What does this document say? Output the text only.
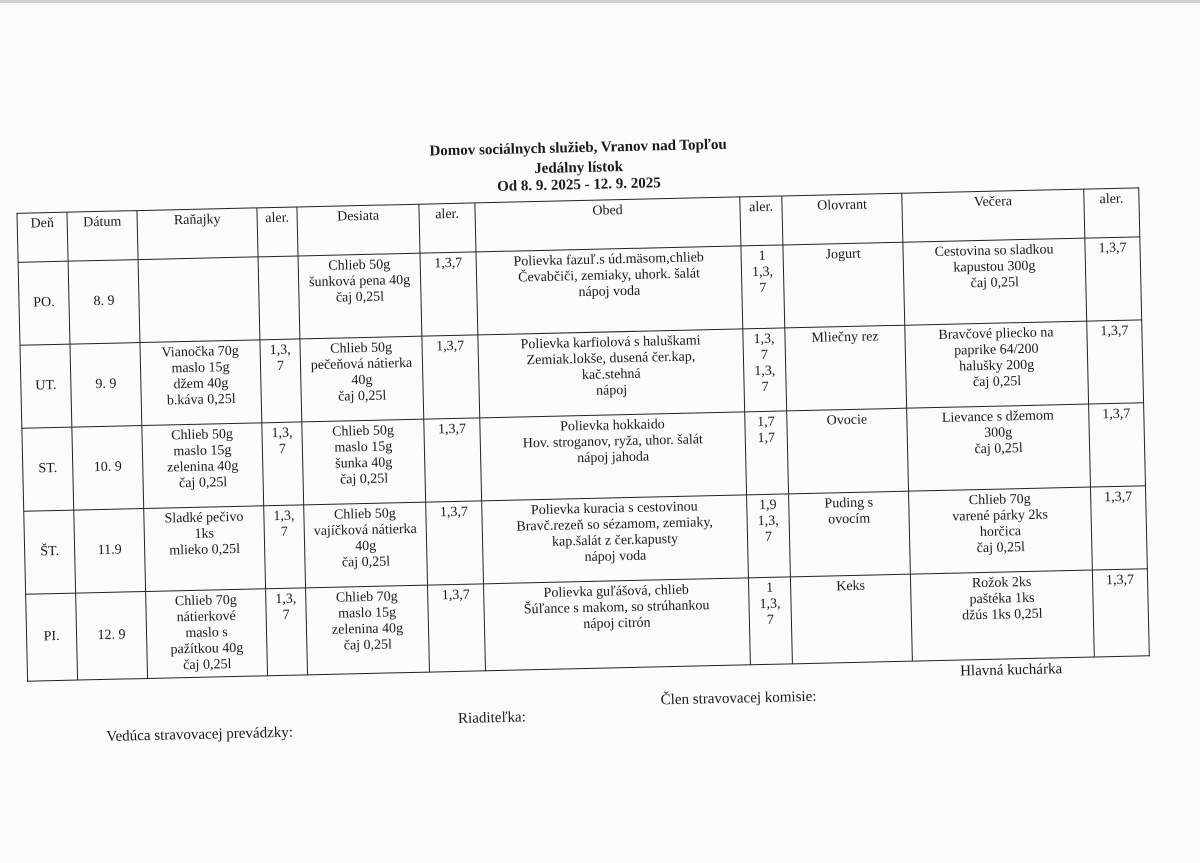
Domov sociálnych služieb, Vranov nad Topľou
Jedálny lístok
Od 8. 9. 2025 - 12. 9. 2025
Deň	Dátum	Raňajky	aler.	Desiata	aler.	Obed	aler.	Olovrant	Večera	aler.
PO.	8. 9			Chlieb 50g
šunková pena 40g
čaj 0,25l	1,3,7	Polievka fazuľ.s úd.mäsom,chlieb
Čevabčiči, zemiaky, uhork. šalát
nápoj voda	1
1,3,
7	Jogurt	Cestovina so sladkou
kapustou 300g
čaj 0,25l	1,3,7

UT.	9. 9	Vianočka 70g
maslo 15g
džem 40g
b.káva 0,25l	1,3,
7	Chlieb 50g
pečeňová nátierka
40g
čaj 0,25l	1,3,7	Polievka karfiolová s haluškami
Zemiak.lokše, dusená čer.kap,
kač.stehná
nápoj	1,3,
7
1,3,
7	Mliečny rez	Bravčové pliecko na
paprike 64/200
halušky 200g
čaj 0,25l	1,3,7

ST.	10. 9	Chlieb 50g
maslo 15g
zelenina 40g
čaj 0,25l	1,3,
7	Chlieb 50g
maslo 15g
šunka 40g
čaj 0,25l	1,3,7	Polievka hokkaido
Hov. stroganov, ryža, uhor. šalát
nápoj jahoda	1,7
1,7	Ovocie	Lievance s džemom
300g
čaj 0,25l	1,3,7

ŠT.	11.9	Sladké pečivo
1ks
mlieko 0,25l	1,3,
7	Chlieb 50g
vajíčková nátierka
40g
čaj 0,25l	1,3,7	Polievka kuracia s cestovinou
Bravč.rezeň so sézamom, zemiaky,
kap.šalát z čer.kapusty
nápoj voda	1,9
1,3,
7	Puding s
ovocím	Chlieb 70g
varené párky 2ks
horčica
čaj 0,25l	1,3,7

PI.	12. 9	Chlieb 70g
nátierkové
maslo s
pažítkou 40g
čaj 0,25l	1,3,
7	Chlieb 70g
maslo 15g
zelenina 40g
čaj 0,25l	1,3,7	Polievka guľášová, chlieb
Šúľance s makom, so strúhankou
nápoj citrón	1
1,3,
7	Keks	Rožok 2ks
paštéka 1ks
džús 1ks 0,25l	1,3,7
Vedúca stravovacej prevádzky:
Riaditeľka:
Člen stravovacej komisie:
Hlavná kuchárka
